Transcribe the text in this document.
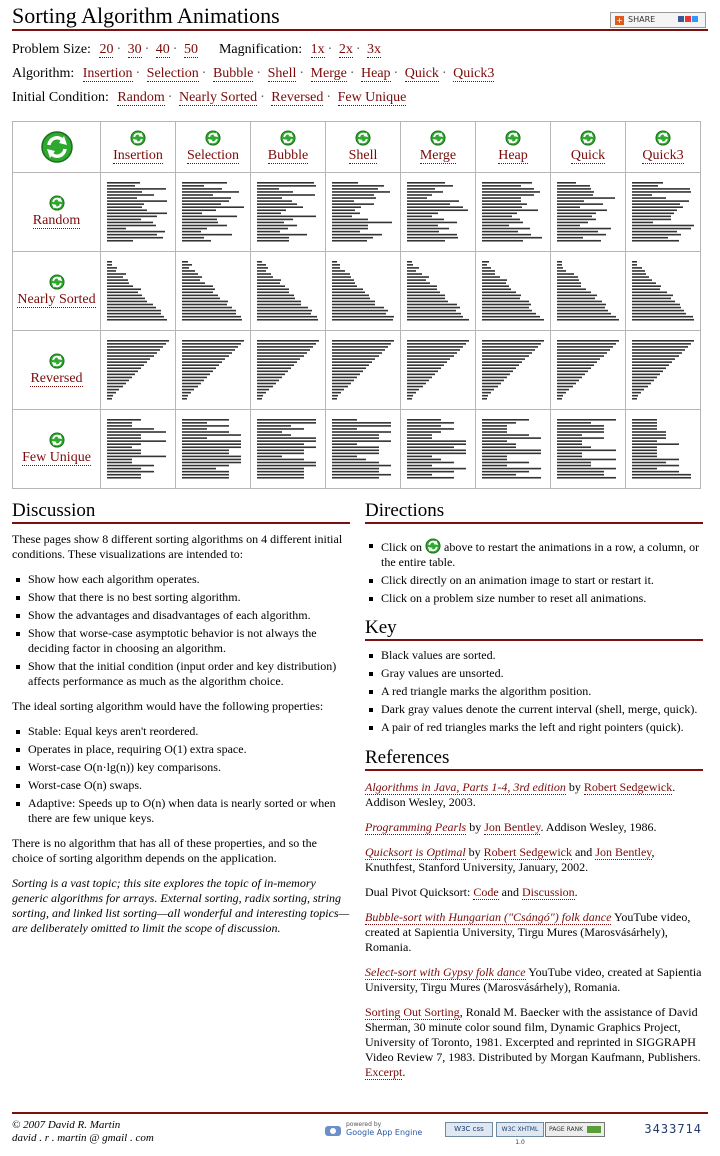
Sorting Algorithm Animations	+ SHARE
Problem Size: 20 · 30 · 40 · 50 Magnification: 1x · 2x · 3x
Algorithm: Insertion · Selection · Bubble · Shell · Merge · Heap · Quick · Quick3
Initial Condition: Random · Nearly Sorted · Reversed · Few Unique

Insertion	Selection	Bubble	Shell	Merge	Heap	Quick	Quick3

Random	

Nearly Sorted	

Reversed	

Few Unique	

Discussion

These pages show 8 different sorting algorithms on 4 different initial conditions. These visualizations are intended to:

Show how each algorithm operates.
Show that there is no best sorting algorithm.
Show the advantages and disadvantages of each algorithm.
Show that worse-case asymptotic behavior is not always the deciding factor in choosing an algorithm.
Show that the initial condition (input order and key distribution) affects performance as much as the algorithm choice.

The ideal sorting algorithm would have the following properties:

Stable: Equal keys aren't reordered.
Operates in place, requiring O(1) extra space.
Worst-case O(n·lg(n)) key comparisons.
Worst-case O(n) swaps.
Adaptive: Speeds up to O(n) when data is nearly sorted or when there are few unique keys.

There is no algorithm that has all of these properties, and so the choice of sorting algorithm depends on the application.

Sorting is a vast topic; this site explores the topic of in-memory generic algorithms for arrays. External sorting, radix sorting, string sorting, and linked list sorting—all wonderful and interesting topics—are deliberately omitted to limit the scope of discussion.

Directions
Click on above to restart the animations in a row, a column, or the entire table.
Click directly on an animation image to start or restart it.
Click on a problem size number to reset all animations.
Key
Black values are sorted.
Gray values are unsorted.
A red triangle marks the algorithm position.
Dark gray values denote the current interval (shell, merge, quick).
A pair of red triangles marks the left and right pointers (quick).
References

Algorithms in Java, Parts 1-4, 3rd edition by Robert Sedgewick. Addison Wesley, 2003.

Programming Pearls by Jon Bentley. Addison Wesley, 1986.

Quicksort is Optimal by Robert Sedgewick and Jon Bentley, Knuthfest, Stanford University, January, 2002.

Dual Pivot Quicksort: Code and Discussion.

Bubble-sort with Hungarian ("Csángó") folk dance YouTube video, created at Sapientia University, Tirgu Mures (Marosvásárhely), Romania.

Select-sort with Gypsy folk dance YouTube video, created at Sapientia University, Tirgu Mures (Marosvásárhely), Romania.

Sorting Out Sorting, Ronald M. Baecker with the assistance of David Sherman, 30 minute color sound film, Dynamic Graphics Project, University of Toronto, 1981. Excerpted and reprinted in SIGGRAPH Video Review 7, 1983. Distributed by Morgan Kaufmann, Publishers. Excerpt.

© 2007 David R. Martin
david . r . martin @ gmail . com
powered by
Google App Engine	W3C css	W3C XHTML 1.0
PAGE RANK	3433714
